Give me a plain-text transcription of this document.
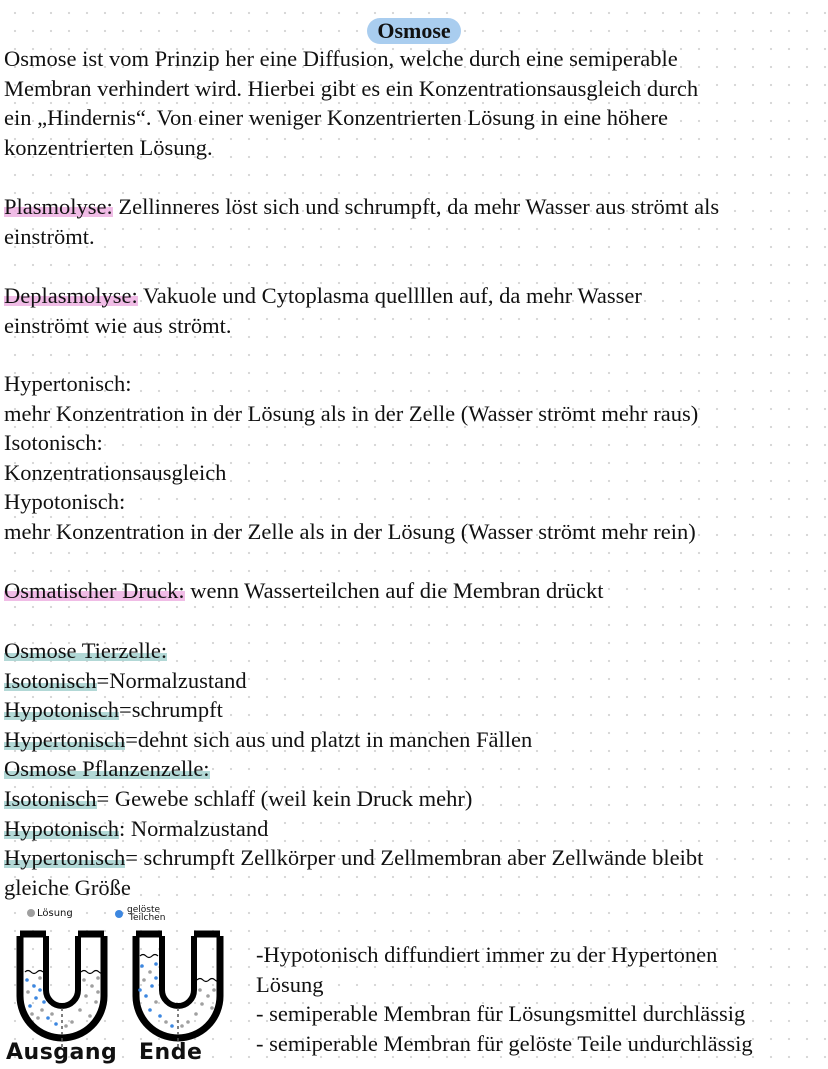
Osmose
Osmose ist vom Prinzip her eine Diffusion, welche durch eine semiperable
Membran verhindert wird. Hierbei gibt es ein Konzentrationsausgleich durch
ein „Hindernis“. Von einer weniger Konzentrierten Lösung in eine höhere
konzentrierten Lösung.
Plasmolyse: Zellinneres löst sich und schrumpft, da mehr Wasser aus strömt als
einströmt.
Deplasmolyse: Vakuole und Cytoplasma quellllen auf, da mehr Wasser
einströmt wie aus strömt.
Hypertonisch:
mehr Konzentration in der Lösung als in der Zelle (Wasser strömt mehr raus)
Isotonisch:
Konzentrationsausgleich
Hypotonisch:
mehr Konzentration in der Zelle als in der Lösung (Wasser strömt mehr rein)
Osmatischer Druck: wenn Wasserteilchen auf die Membran drückt
Osmose Tierzelle:
Isotonisch=Normalzustand
Hypotonisch=schrumpft
Hypertonisch=dehnt sich aus und platzt in manchen Fällen
Osmose Pflanzenzelle:
Isotonisch= Gewebe schlaff (weil kein Druck mehr)
Hypotonisch: Normalzustand
Hypertonisch= schrumpft Zellkörper und Zellmembran aber Zellwände bleibt
gleiche Größe
Lösung	gelöste
Teilchen
Ausgang Ende
-Hypotonisch diffundiert immer zu der Hypertonen
Lösung
- semiperable Membran für Lösungsmittel durchlässig
- semiperable Membran für gelöste Teile undurchlässig
